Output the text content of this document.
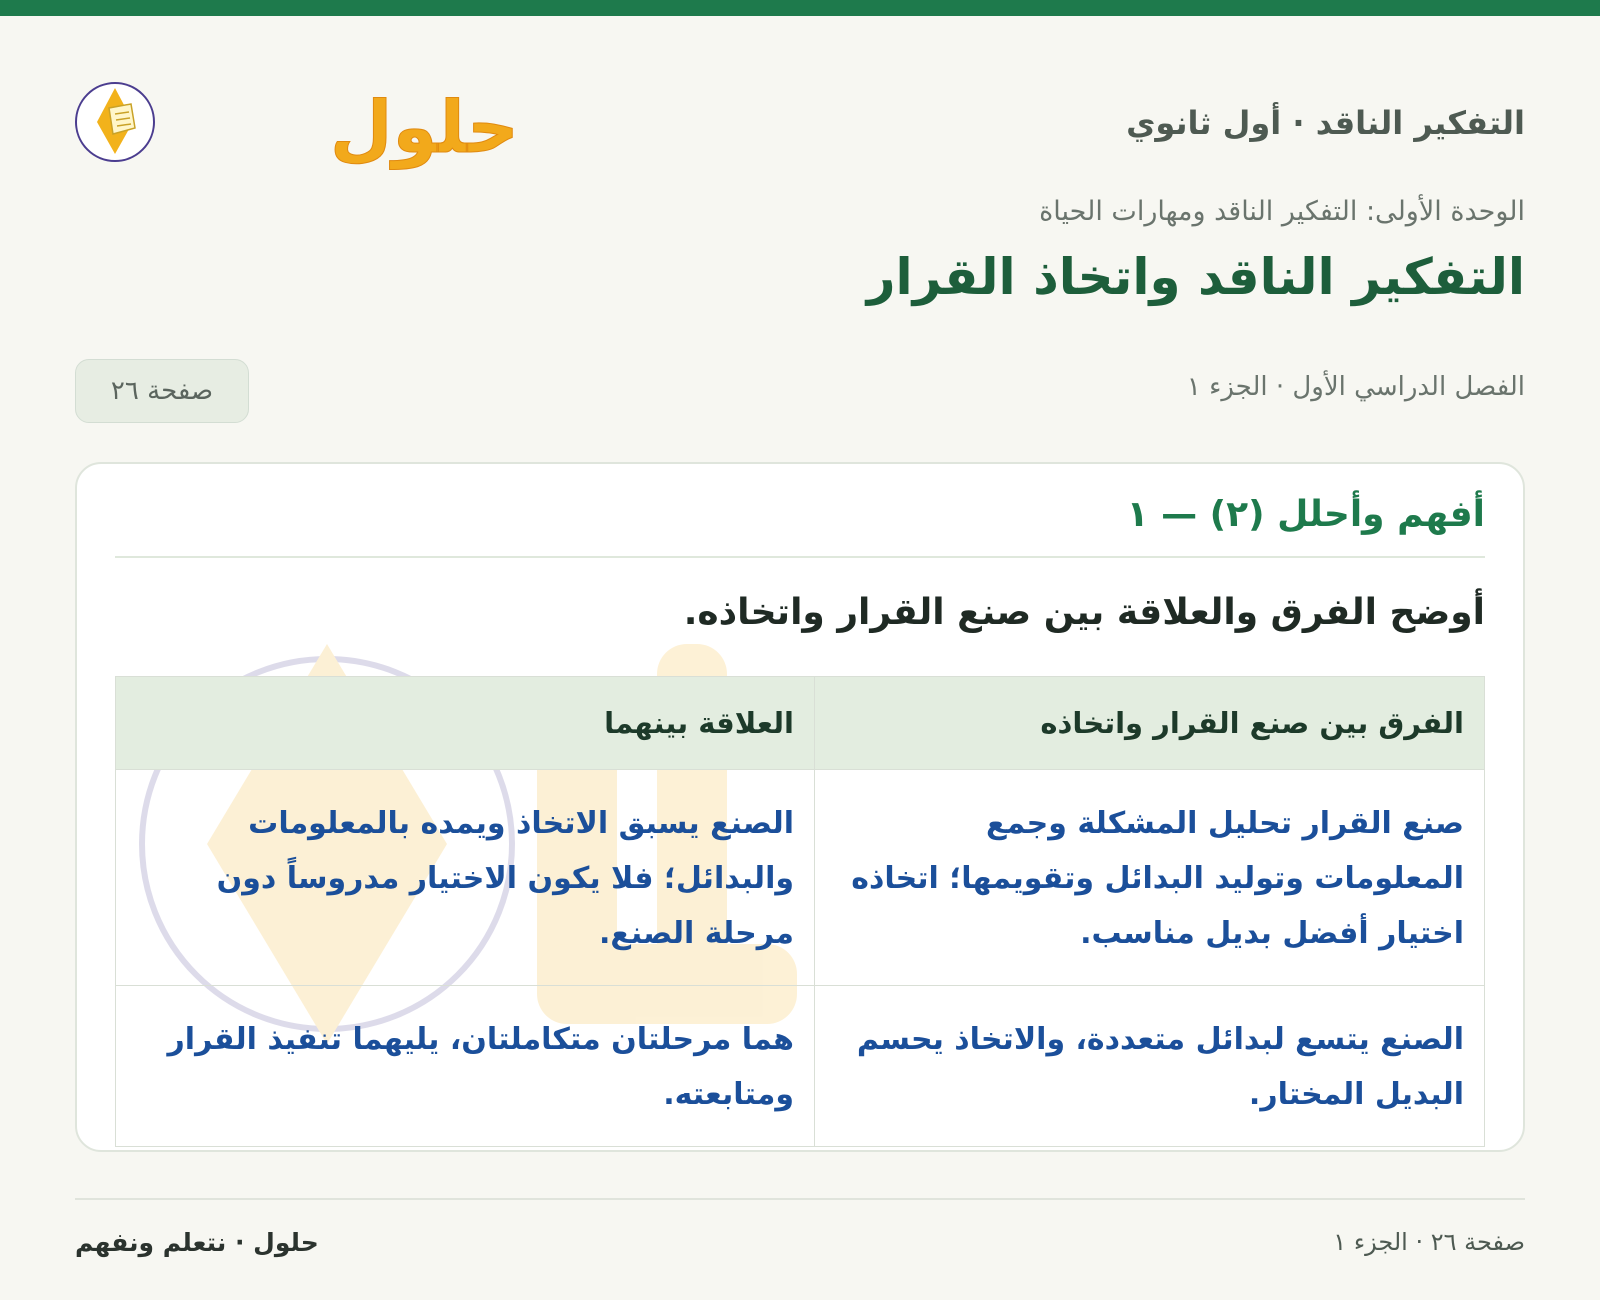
التفكير الناقد · أول ثانوي
حلول
الوحدة الأولى: التفكير الناقد ومهارات الحياة
التفكير الناقد واتخاذ القرار
الفصل الدراسي الأول · الجزء ١
صفحة ٢٦
أفهم وأحلل (٢) — ١
أوضح الفرق والعلاقة بين صنع القرار واتخاذه.
الفرق بين صنع القرار واتخاذه	العلاقة بينهما
صنع القرار تحليل المشكلة وجمع المعلومات وتوليد البدائل وتقويمها؛ اتخاذه اختيار أفضل بديل مناسب.	الصنع يسبق الاتخاذ ويمده بالمعلومات والبدائل؛ فلا يكون الاختيار مدروساً دون مرحلة الصنع.
الصنع يتسع لبدائل متعددة، والاتخاذ يحسم البديل المختار.	هما مرحلتان متكاملتان، يليهما تنفيذ القرار ومتابعته.
صفحة ٢٦ · الجزء ١
حلول · نتعلم ونفهم
